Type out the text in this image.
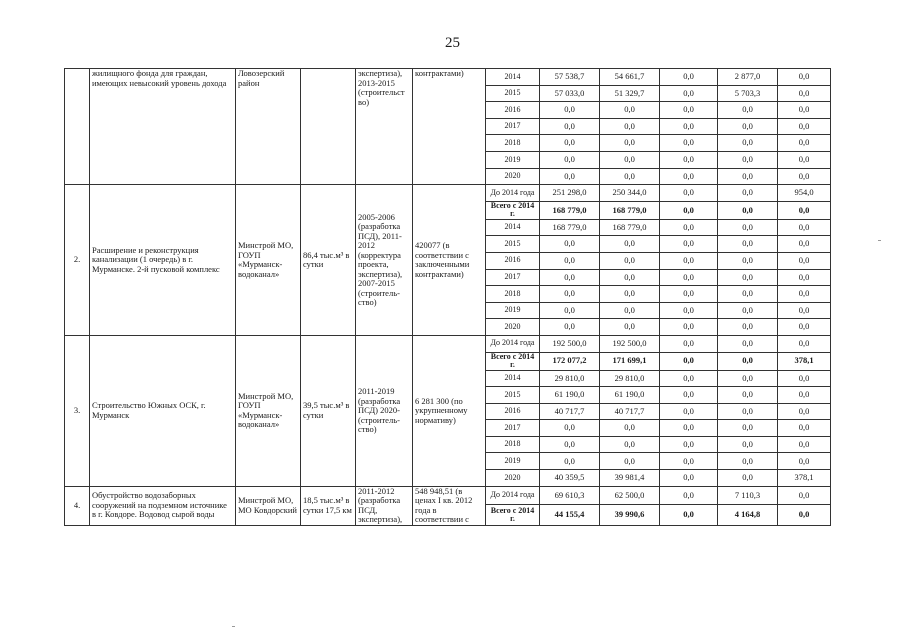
25
	жилищного фонда для граждан, имеющих невысокий уровень дохода	Ловозерский район		экспертиза), 2013-2015 (строительст во)	контрактами)	2014	57 538,7	54 661,7	0,0	2 877,0	0,0
						2015	57 033,0	51 329,7	0,0	5 703,3	0,0
						2016	0,0	0,0	0,0	0,0	0,0
						2017	0,0	0,0	0,0	0,0	0,0
						2018	0,0	0,0	0,0	0,0	0,0
						2019	0,0	0,0	0,0	0,0	0,0
						2020	0,0	0,0	0,0	0,0	0,0
2.	Расширение и реконструкция канализации (1 очередь) в г. Мурманске. 2-й пусковой комплекс	Минстрой МО, ГОУП «Мурманск-водоканал»	86,4 тыс.м³ в сутки	2005-2006 (разработка ПСД), 2011-2012 (корректура проекта, экспертиза), 2007-2015 (строитель-ство)	420077 (в соответствии с заключенными контрактами)	До 2014 года	251 298,0	250 344,0	0,0	0,0	954,0
						Всего с 2014 г.	168 779,0	168 779,0	0,0	0,0	0,0
						2014	168 779,0	168 779,0	0,0	0,0	0,0
						2015	0,0	0,0	0,0	0,0	0,0
						2016	0,0	0,0	0,0	0,0	0,0
						2017	0,0	0,0	0,0	0,0	0,0
						2018	0,0	0,0	0,0	0,0	0,0
						2019	0,0	0,0	0,0	0,0	0,0
						2020	0,0	0,0	0,0	0,0	0,0
3.	Строительство Южных ОСК, г. Мурманск	Минстрой МО, ГОУП «Мурманск-водоканал»	39,5 тыс.м³ в сутки	2011-2019 (разработка ПСД) 2020- (строитель-ство)	6 281 300 (по укрупненному нормативу)	До 2014 года	192 500,0	192 500,0	0,0	0,0	0,0
						Всего с 2014 г.	172 077,2	171 699,1	0,0	0,0	378,1
						2014	29 810,0	29 810,0	0,0	0,0	0,0
						2015	61 190,0	61 190,0	0,0	0,0	0,0
						2016	40 717,7	40 717,7	0,0	0,0	0,0
						2017	0,0	0,0	0,0	0,0	0,0
						2018	0,0	0,0	0,0	0,0	0,0
						2019	0,0	0,0	0,0	0,0	0,0
						2020	40 359,5	39 981,4	0,0	0,0	378,1
4.	Обустройство водозаборных сооружений на подземном источнике в г. Ковдоре. Водовод сырой воды	Минстрой МО, МО Ковдорский	18,5 тыс.м³ в сутки 17,5 км	2011-2012 (разработка ПСД, экспертиза),	548 948,51 (в ценах I кв. 2012 года в соответствии с	До 2014 года	69 610,3	62 500,0	0,0	7 110,3	0,0
						Всего с 2014 г.	44 155,4	39 990,6	0,0	4 164,8	0,0
